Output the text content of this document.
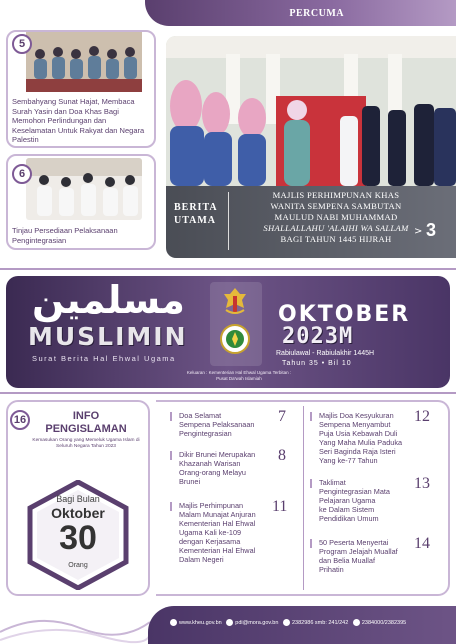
PERCUMA
5
Sembahyang Sunat Hajat, Membaca Surah Yasin dan Doa Khas Bagi Memohon Perlindungan dan Keselamatan Untuk Rakyat dan Negara Palestin
6
Tinjau Persediaan Pelaksanaan Pengintegrasian
BERITA UTAMA
MAJLIS PERHIMPUNAN KHAS
WANITA SEMPENA SAMBUTAN
MAULUD NABI MUHAMMAD
SHALLALLAHU 'ALAIHI WA SALLAM
BAGI TAHUN 1445 HIJRAH
> 3
مسلمين
MUSLIMIN
Surat Berita Hal Ehwal Ugama
Keluaran : Kementerian Hal Ehwal Ugama Terbitan : Pusat Da'wah Islamiah
OKTOBER
2023M
Rabiulawal - Rabiulakhir 1445H
Tahun 35 • Bil 10
16	INFO
PENGISLAMAN
Kemasukan Orang yang Memeluk Ugama Islam di Seluruh Negara Tahun 2023
Bagi Bulan
Oktober
30
Orang
Doa Selamat
Sempena Pelaksanaan
Pengintegrasian
7
Dikir Brunei Merupakan
Khazanah Warisan
Orang-orang Melayu
Brunei
8
Majlis Perhimpunan
Malam Munajat Anjuran
Kementerian Hal Ehwal
Ugama Kali ke-109
dengan Kerjasama
Kementerian Hal Ehwal
Dalam Negeri
11
Majlis Doa Kesyukuran
Sempena Menyambut
Puja Usia Kebawah Duli
Yang Maha Mulia Paduka
Seri Baginda Raja Isteri
Yang ke-77 Tahun
12
Taklimat
Pengintegrasian Mata
Pelajaran Ugama
ke Dalam Sistem
Pendidikan Umum
13
50 Peserta Menyertai
Program Jelajah Muallaf
dan Belia Muallaf
Prihatin
14
www.kheu.gov.bn pdi@mora.gov.bn 2382986 smb: 241/242 2384000/2382395
